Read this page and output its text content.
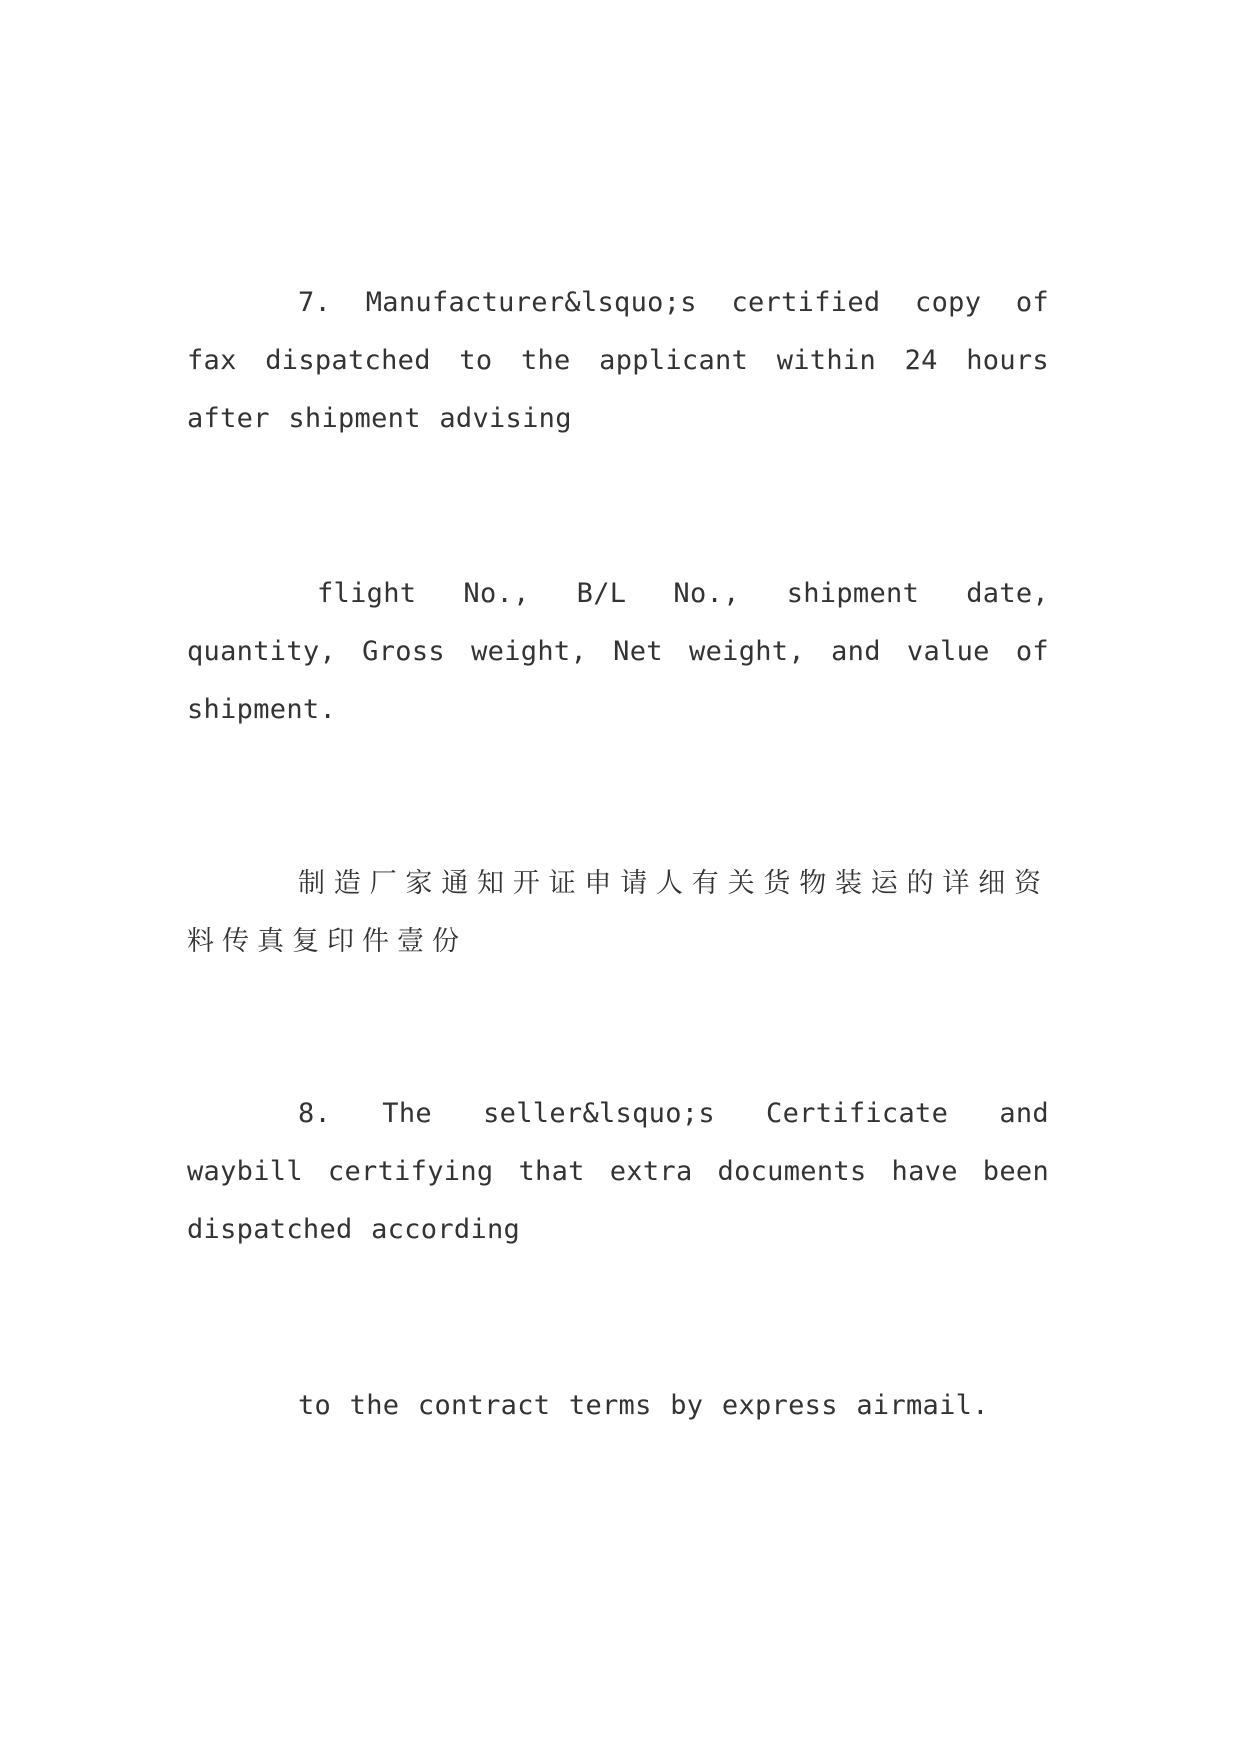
7. Manufacturer&lsquo;s certified copy of fax dispatched to the applicant within 24 hours after shipment advising

flight No., B/L No., shipment date, quantity, Gross weight, Net weight, and value of shipment.

制造厂家通知开证申请人有关货物装运的详细资料传真复印件壹份

8. The seller&lsquo;s Certificate and waybill certifying that extra documents have been dispatched according

to the contract terms by express airmail.
